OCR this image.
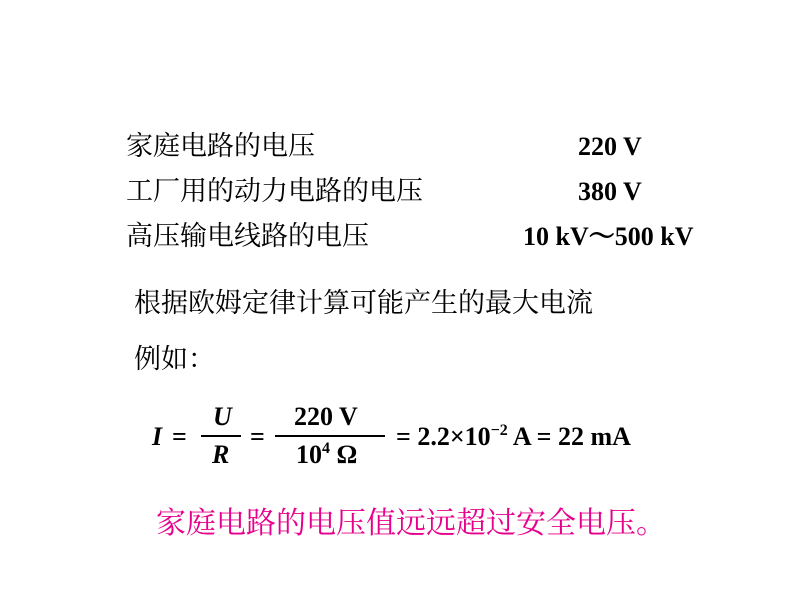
家庭电路的电压	220 V
工厂用的动力电路的电压	380 V
高压输电线路的电压	10 kV～500 kV
根据欧姆定律计算可能产生的最大电流
例如：
I =
U
R
=
220 V
$10^4$ Ω
= $2.2\times 10^{-2}$ A = 22 mA
家庭电路的电压值远远超过安全电压。
